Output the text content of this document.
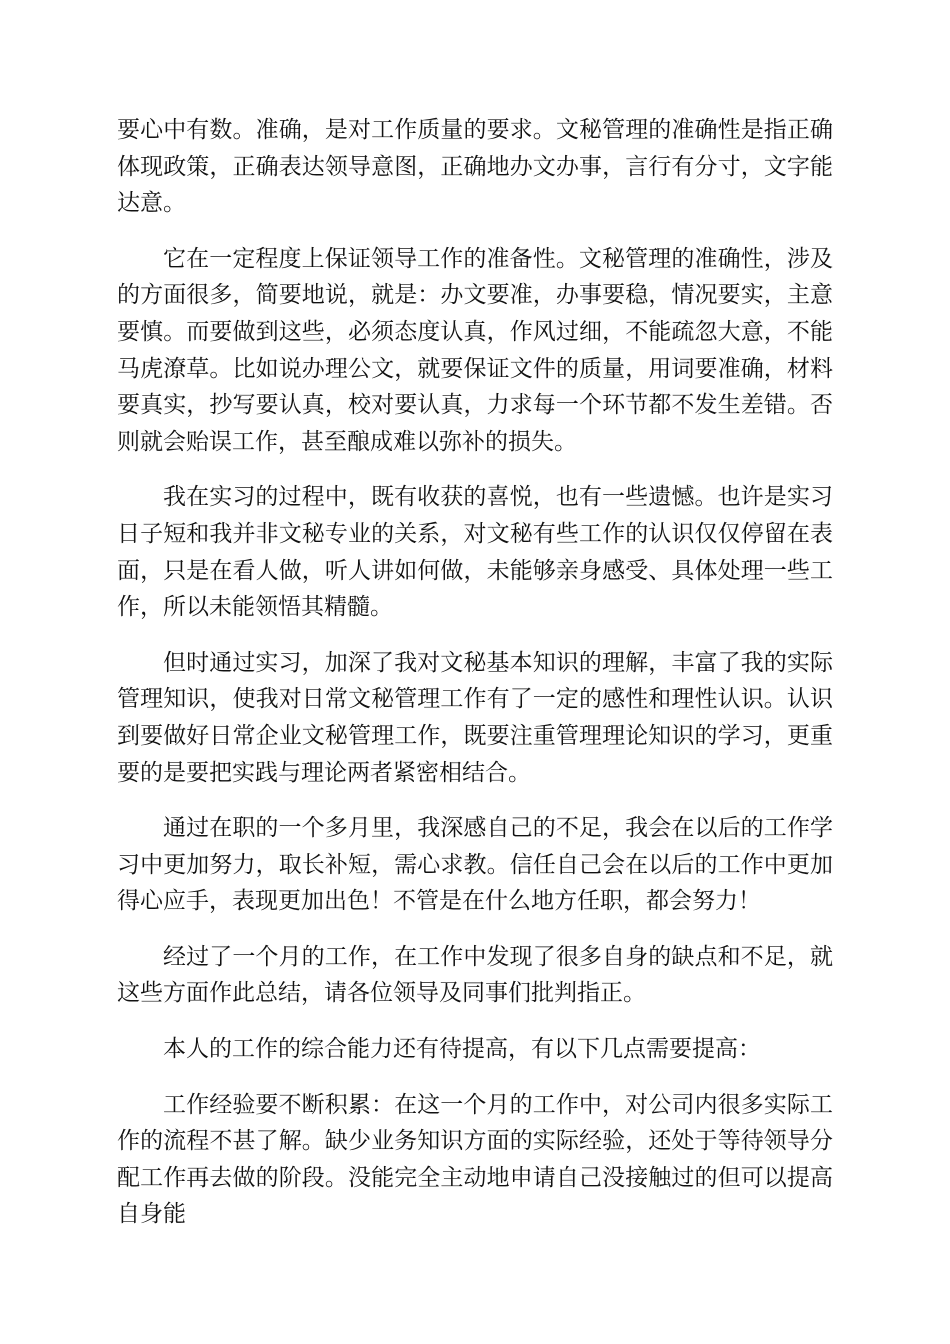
要心中有数。准确，是对工作质量的要求。文秘管理的准确性是指正确体现政策，正确表达领导意图，正确地办文办事，言行有分寸，文字能达意。

它在一定程度上保证领导工作的准备性。文秘管理的准确性，涉及的方面很多，简要地说，就是：办文要准，办事要稳，情况要实，主意要慎。而要做到这些，必须态度认真，作风过细，不能疏忽大意，不能马虎潦草。比如说办理公文，就要保证文件的质量，用词要准确，材料要真实，抄写要认真，校对要认真，力求每一个环节都不发生差错。否则就会贻误工作，甚至酿成难以弥补的损失。

我在实习的过程中，既有收获的喜悦，也有一些遗憾。也许是实习日子短和我并非文秘专业的关系，对文秘有些工作的认识仅仅停留在表面，只是在看人做，听人讲如何做，未能够亲身感受、具体处理一些工作，所以未能领悟其精髓。

但时通过实习，加深了我对文秘基本知识的理解，丰富了我的实际管理知识，使我对日常文秘管理工作有了一定的感性和理性认识。认识到要做好日常企业文秘管理工作，既要注重管理理论知识的学习，更重要的是要把实践与理论两者紧密相结合。

通过在职的一个多月里，我深感自己的不足，我会在以后的工作学习中更加努力，取长补短，需心求教。信任自己会在以后的工作中更加得心应手，表现更加出色！不管是在什么地方任职，都会努力！

经过了一个月的工作，在工作中发现了很多自身的缺点和不足，就这些方面作此总结，请各位领导及同事们批判指正。

本人的工作的综合能力还有待提高，有以下几点需要提高：

工作经验要不断积累：在这一个月的工作中，对公司内很多实际工作的流程不甚了解。缺少业务知识方面的实际经验，还处于等待领导分配工作再去做的阶段。没能完全主动地申请自己没接触过的但可以提高自身能
